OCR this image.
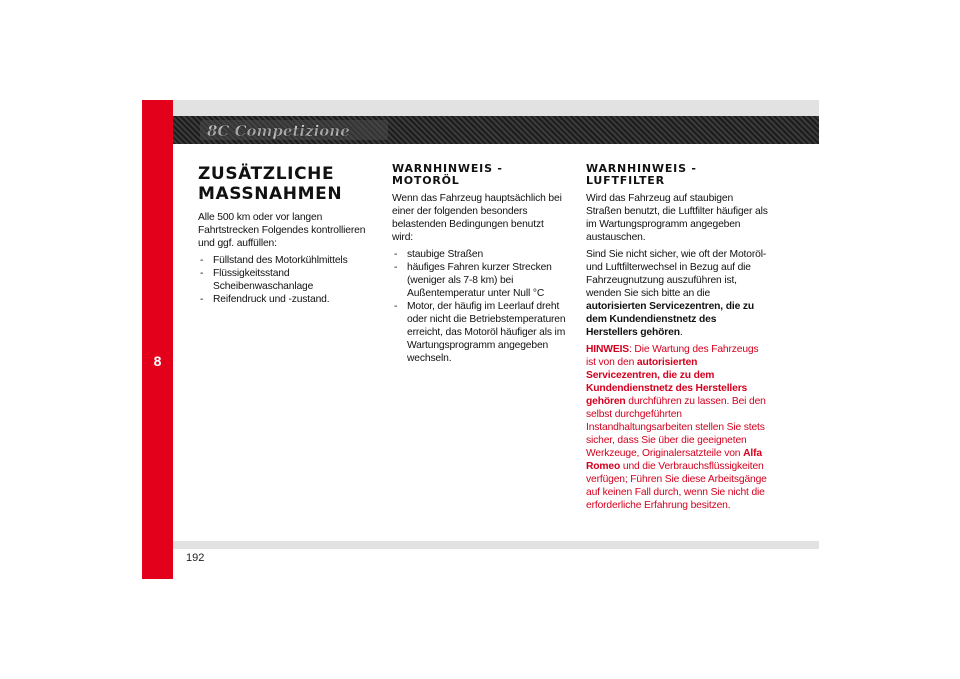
8
8C Competizione
ZUSÄTZLICHE MASSNAHMEN

Alle 500 km oder vor langen Fahrtstrecken Folgendes kontrollieren und ggf. auffüllen:

- Füllstand des Motorkühlmittels
- Flüssigkeitsstand Scheibenwaschanlage
- Reifendruck und -zustand.
WARNHINWEIS - MOTORÖL

Wenn das Fahrzeug hauptsächlich bei einer der folgenden besonders belastenden Bedingungen benutzt wird:

- staubige Straßen
- häufiges Fahren kurzer Strecken (weniger als 7-8 km) bei Außentemperatur unter Null °C
- Motor, der häufig im Leerlauf dreht oder nicht die Betriebstemperaturen erreicht, das Motoröl häufiger als im Wartungsprogramm angegeben wechseln.
WARNHINWEIS - LUFTFILTER

Wird das Fahrzeug auf staubigen Straßen benutzt, die Luftfilter häufiger als im Wartungsprogramm angegeben austauschen.

Sind Sie nicht sicher, wie oft der Motoröl- und Luftfilterwechsel in Bezug auf die Fahrzeugnutzung auszuführen ist, wenden Sie sich bitte an die autorisierten Servicezentren, die zu dem Kundendienstnetz des Herstellers gehören.

HINWEIS: Die Wartung des Fahrzeugs ist von den autorisierten Servicezentren, die zu dem Kundendienstnetz des Herstellers gehören durchführen zu lassen. Bei den selbst durchgeführten Instandhaltungsarbeiten stellen Sie stets sicher, dass Sie über die geeigneten Werkzeuge, Originalersatzteile von Alfa Romeo und die Verbrauchsflüssigkeiten verfügen; Führen Sie diese Arbeitsgänge auf keinen Fall durch, wenn Sie nicht die erforderliche Erfahrung besitzen.

192
